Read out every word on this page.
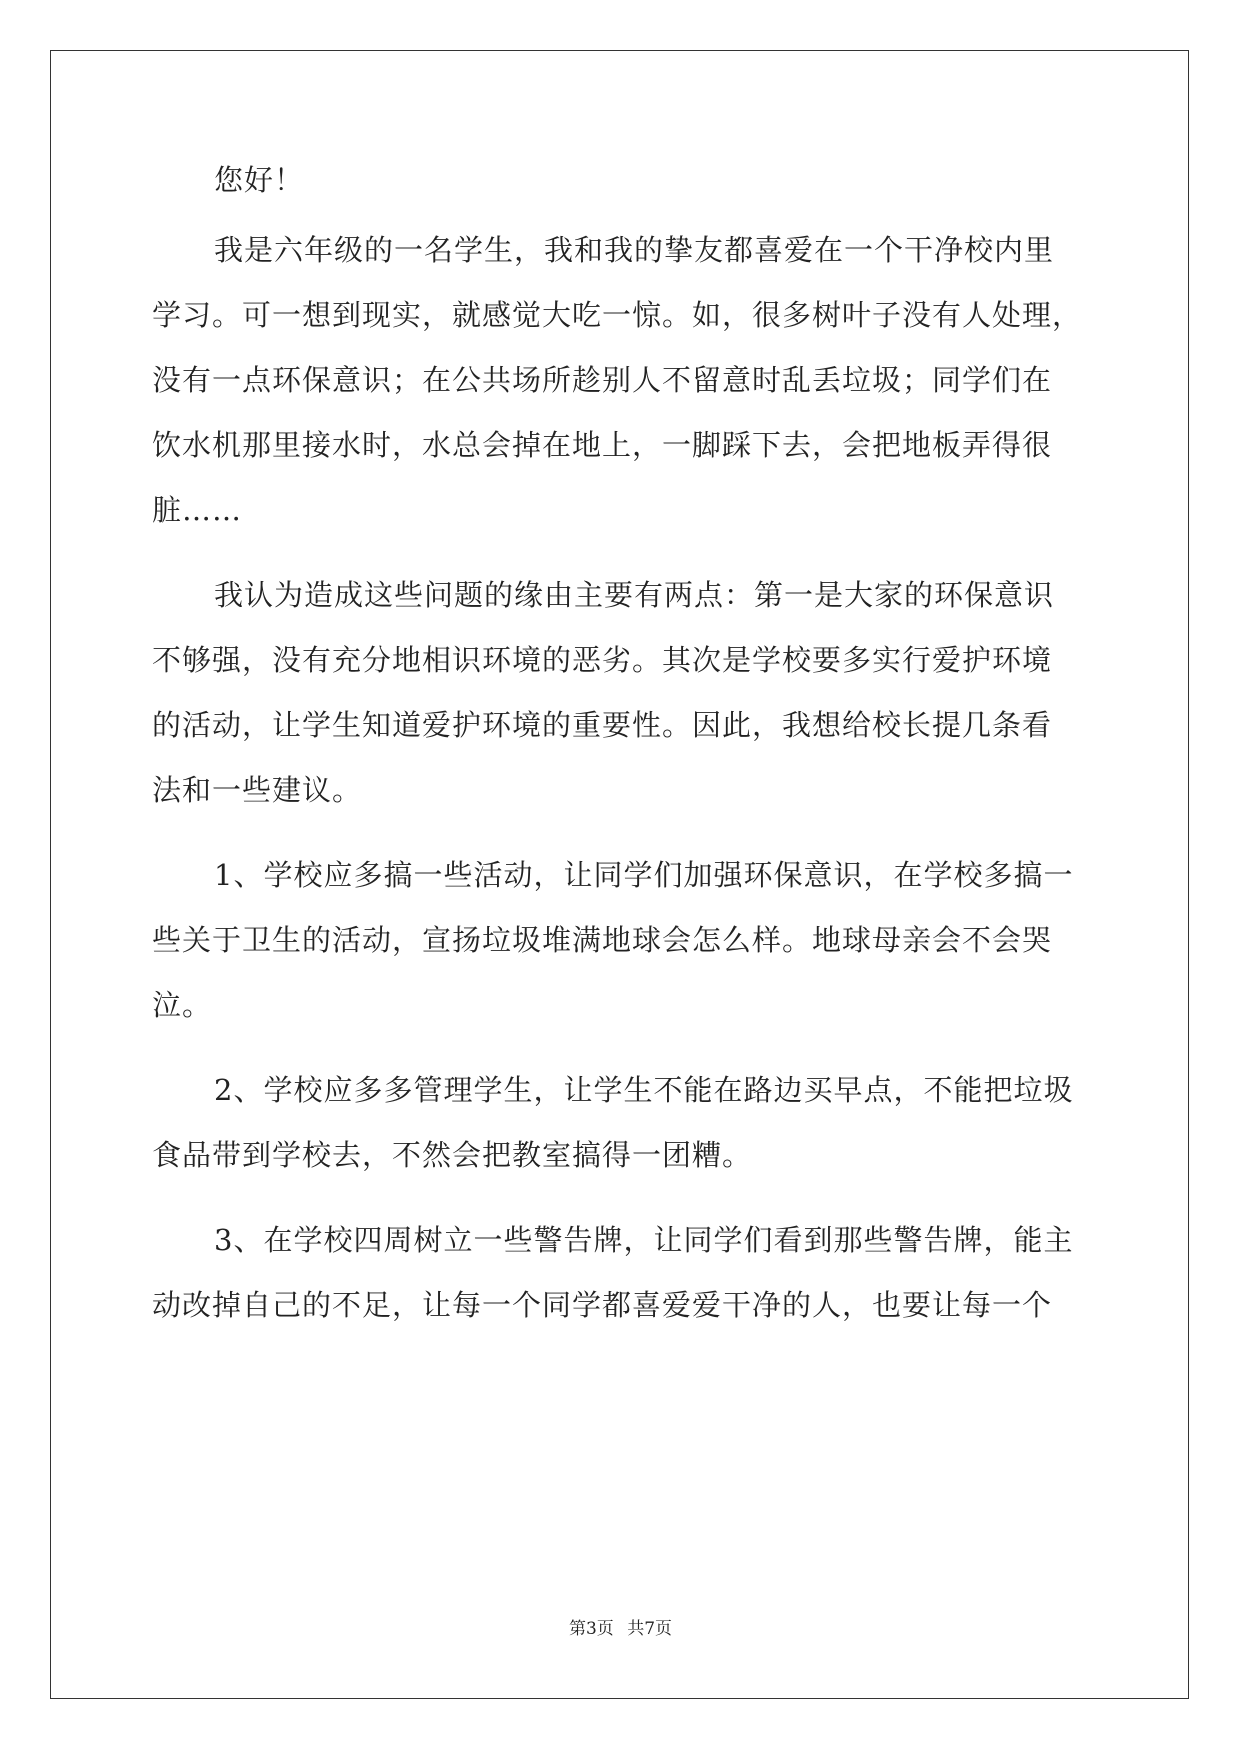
您好！
我是六年级的一名学生，我和我的挚友都喜爱在一个干净校内里
学习。可一想到现实，就感觉大吃一惊。如，很多树叶子没有人处理，
没有一点环保意识；在公共场所趁别人不留意时乱丢垃圾；同学们在
饮水机那里接水时，水总会掉在地上，一脚踩下去，会把地板弄得很
脏……
我认为造成这些问题的缘由主要有两点：第一是大家的环保意识
不够强，没有充分地相识环境的恶劣。其次是学校要多实行爱护环境
的活动，让学生知道爱护环境的重要性。因此，我想给校长提几条看
法和一些建议。
1、学校应多搞一些活动，让同学们加强环保意识，在学校多搞一
些关于卫生的活动，宣扬垃圾堆满地球会怎么样。地球母亲会不会哭
泣。
2、学校应多多管理学生，让学生不能在路边买早点，不能把垃圾
食品带到学校去，不然会把教室搞得一团糟。
3、在学校四周树立一些警告牌，让同学们看到那些警告牌，能主
动改掉自己的不足，让每一个同学都喜爱爱干净的人，也要让每一个
第3页 共7页
